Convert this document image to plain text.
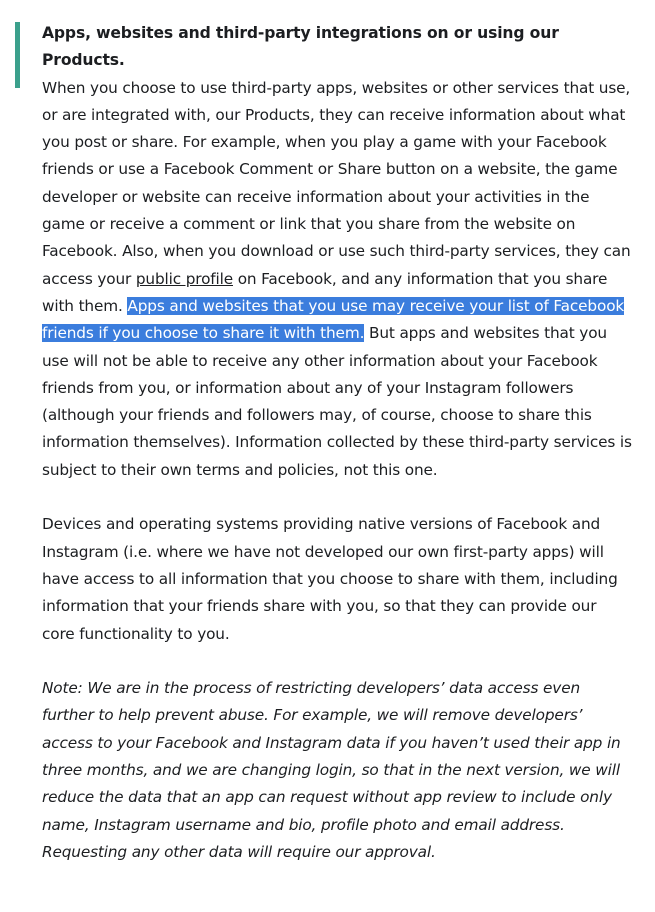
Apps, websites and third-party integrations on or using our Products.

When you choose to use third-party apps, websites or other services that use, or are integrated with, our Products, they can receive information about what you post or share. For example, when you play a game with your Facebook friends or use a Facebook Comment or Share button on a website, the game developer or website can receive information about your activities in the game or receive a comment or link that you share from the website on Facebook. Also, when you download or use such third-party services, they can access your public profile on Facebook, and any information that you share with them. Apps and websites that you use may receive your list of Facebook friends if you choose to share it with them. But apps and websites that you use will not be able to receive any other information about your Facebook friends from you, or information about any of your Instagram followers (although your friends and followers may, of course, choose to share this information themselves). Information collected by these third-party services is subject to their own terms and policies, not this one.

Devices and operating systems providing native versions of Facebook and Instagram (i.e. where we have not developed our own first-party apps) will have access to all information that you choose to share with them, including information that your friends share with you, so that they can provide our core functionality to you.

Note: We are in the process of restricting developers’ data access even further to help prevent abuse. For example, we will remove developers’ access to your Facebook and Instagram data if you haven’t used their app in three months, and we are changing login, so that in the next version, we will reduce the data that an app can request without app review to include only name, Instagram username and bio, profile photo and email address. Requesting any other data will require our approval.
